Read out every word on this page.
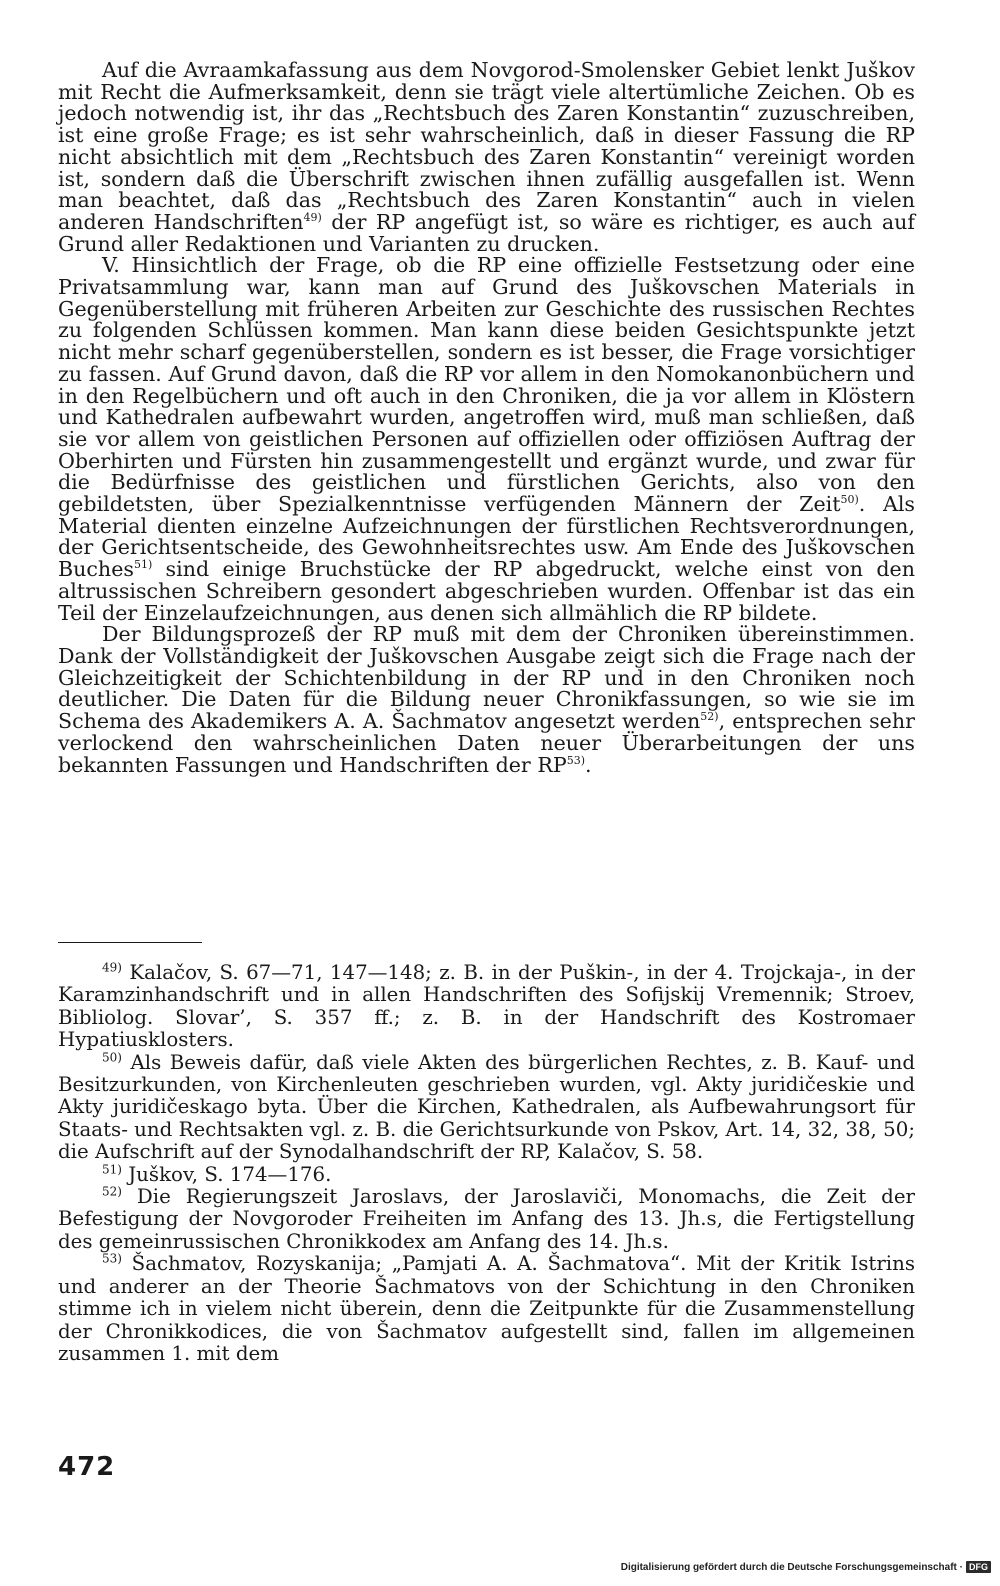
Auf die Avraamkafassung aus dem Novgorod-Smolensker Gebiet lenkt Juškov mit Recht die Aufmerksamkeit, denn sie trägt viele altertümliche Zeichen. Ob es jedoch notwendig ist, ihr das „Rechtsbuch des Zaren Konstantin“ zuzuschreiben, ist eine große Frage; es ist sehr wahrscheinlich, daß in dieser Fassung die RP nicht absichtlich mit dem „Rechtsbuch des Zaren Konstantin“ vereinigt worden ist, sondern daß die Überschrift zwischen ihnen zufällig ausgefallen ist. Wenn man beachtet, daß das „Rechtsbuch des Zaren Konstantin“ auch in vielen anderen Handschriften$^{49)}$ der RP angefügt ist, so wäre es richtiger, es auch auf Grund aller Redaktionen und Varianten zu drucken.

V. Hinsichtlich der Frage, ob die RP eine offizielle Festsetzung oder eine Privatsammlung war, kann man auf Grund des Juškovschen Materials in Gegenüberstellung mit früheren Arbeiten zur Geschichte des russischen Rechtes zu folgenden Schlüssen kommen. Man kann diese beiden Gesichtspunkte jetzt nicht mehr scharf gegenüberstellen, sondern es ist besser, die Frage vorsichtiger zu fassen. Auf Grund davon, daß die RP vor allem in den Nomokanonbüchern und in den Regelbüchern und oft auch in den Chroniken, die ja vor allem in Klöstern und Kathedralen aufbewahrt wurden, angetroffen wird, muß man schließen, daß sie vor allem von geistlichen Personen auf offiziellen oder offiziösen Auftrag der Oberhirten und Fürsten hin zusammengestellt und ergänzt wurde, und zwar für die Bedürfnisse des geistlichen und fürstlichen Gerichts, also von den gebildetsten, über Spezialkenntnisse verfügenden Männern der Zeit$^{50)}$. Als Material dienten einzelne Aufzeichnungen der fürstlichen Rechtsverordnungen, der Gerichtsentscheide, des Gewohnheitsrechtes usw. Am Ende des Juškovschen Buches$^{51)}$ sind einige Bruchstücke der RP abgedruckt, welche einst von den altrussischen Schreibern gesondert abgeschrieben wurden. Offenbar ist das ein Teil der Einzelaufzeichnungen, aus denen sich allmählich die RP bildete.

Der Bildungsprozeß der RP muß mit dem der Chroniken übereinstimmen. Dank der Vollständigkeit der Juškovschen Ausgabe zeigt sich die Frage nach der Gleichzeitigkeit der Schichtenbildung in der RP und in den Chroniken noch deutlicher. Die Daten für die Bildung neuer Chronikfassungen, so wie sie im Schema des Akademikers A. A. Šachmatov angesetzt werden$^{52)}$, entsprechen sehr verlockend den wahrscheinlichen Daten neuer Überarbeitungen der uns bekannten Fassungen und Handschriften der RP$^{53)}$.

$^{49)}$ Kalačov, S. 67—71, 147—148; z. B. in der Puškin-, in der 4. Trojckaja-, in der Karamzinhandschrift und in allen Handschriften des Sofijskij Vremennik; Stroev, Bibliolog. Slovar’, S. 357 ff.; z. B. in der Handschrift des Kostromaer Hypatiusklosters.

$^{50)}$ Als Beweis dafür, daß viele Akten des bürgerlichen Rechtes, z. B. Kauf- und Besitzurkunden, von Kirchenleuten geschrieben wurden, vgl. Akty juridičeskie und Akty juridičeskago byta. Über die Kirchen, Kathedralen, als Aufbewahrungsort für Staats- und Rechtsakten vgl. z. B. die Gerichtsurkunde von Pskov, Art. 14, 32, 38, 50; die Aufschrift auf der Synodalhandschrift der RP, Kalačov, S. 58.

$^{51)}$ Juškov, S. 174—176.

$^{52)}$ Die Regierungszeit Jaroslavs, der Jaroslaviči, Monomachs, die Zeit der Befestigung der Novgoroder Freiheiten im Anfang des 13. Jh.s, die Fertigstellung des gemeinrussischen Chronikkodex am Anfang des 14. Jh.s.

$^{53)}$ Šachmatov, Rozyskanija; „Pamjati A. A. Šachmatova“. Mit der Kritik Istrins und anderer an der Theorie Šachmatovs von der Schichtung in den Chroniken stimme ich in vielem nicht überein, denn die Zeitpunkte für die Zusammenstellung der Chronikkodices, die von Šachmatov aufgestellt sind, fallen im allgemeinen zusammen 1. mit dem

472
Digitalisierung gefördert durch die Deutsche Forschungsgemeinschaft · DFG
